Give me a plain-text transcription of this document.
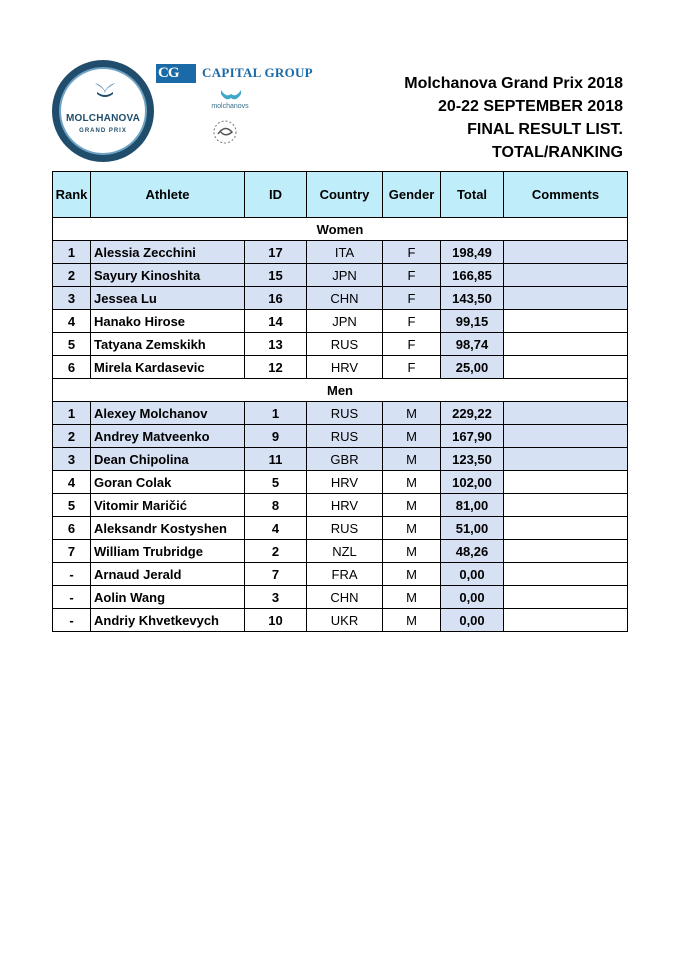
MOLCHANOVA
GRAND PRIX
CG CAPITAL GROUP
molchanovs
Molchanova Grand Prix 2018
20-22 SEPTEMBER 2018
FINAL RESULT LIST.
TOTAL/RANKING
Rank	Athlete	ID	Country	Gender	Total	Comments
Women						
1	Alessia Zecchini	17	ITA	F	198,49	
2	Sayury Kinoshita	15	JPN	F	166,85	
3	Jessea Lu	16	CHN	F	143,50	
4	Hanako Hirose	14	JPN	F	99,15	
5	Tatyana Zemskikh	13	RUS	F	98,74	
6	Mirela Kardasevic	12	HRV	F	25,00	
Men						
1	Alexey Molchanov	1	RUS	M	229,22	
2	Andrey Matveenko	9	RUS	M	167,90	
3	Dean Chipolina	11	GBR	M	123,50	
4	Goran Colak	5	HRV	M	102,00	
5	Vitomir Maričić	8	HRV	M	81,00	
6	Aleksandr Kostyshen	4	RUS	M	51,00	
7	William Trubridge	2	NZL	M	48,26	
-	Arnaud Jerald	7	FRA	M	0,00	
-	Aolin Wang	3	CHN	M	0,00	
-	Andriy Khvetkevych	10	UKR	M	0,00	
